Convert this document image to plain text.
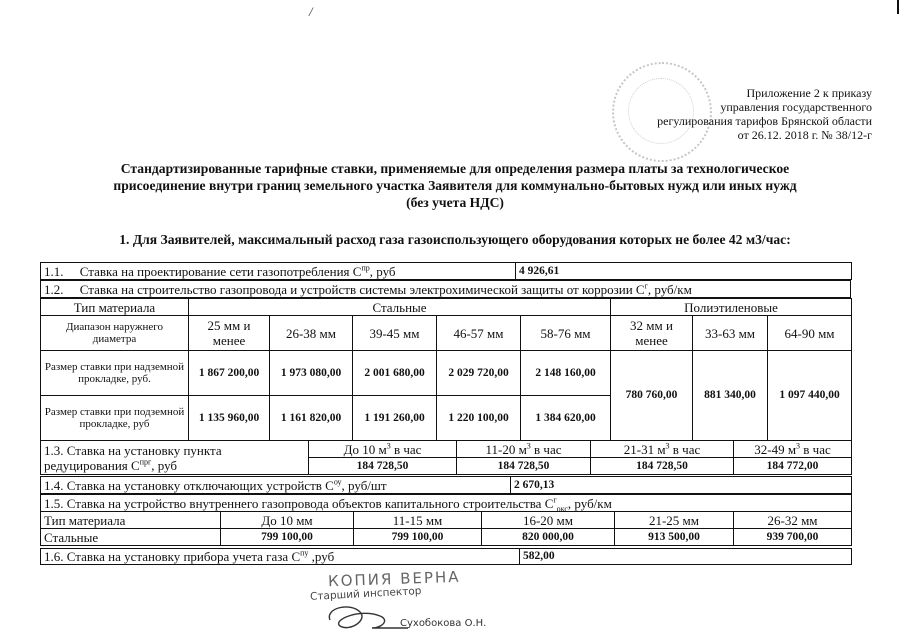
/
Приложение 2 к приказу
управления государственного
регулирования тарифов Брянской области
от 26.12. 2018 г. № 38/12-г
Стандартизированные тарифные ставки, применяемые для определения размера платы за технологическое
присоединение внутри границ земельного участка Заявителя для коммунально-бытовых нужд или иных нужд
(без учета НДС)
1. Для Заявителей, максимальный расход газа газоиспользующего оборудования которых не более 42 м3/час:
1.1. Ставка на проектирование сети газопотребления $С^{пр}$, руб	4 926,61
1.2. Ставка на строительство газопровода и устройств системы электрохимической защиты от коррозии $С^г$, руб/км
Тип материала	Стальные					Полиэтиленовые		
Диапазон наружнего диаметра	25 мм и менее	26-38 мм	39-45 мм	46-57 мм	58-76 мм	32 мм и менее	33-63 мм	64-90 мм
Размер ставки при надземной прокладке, руб.	1 867 200,00	1 973 080,00	2 001 680,00	2 029 720,00	2 148 160,00	780 760,00	881 340,00	1 097 440,00
Размер ставки при подземной прокладке, руб	1 135 960,00	1 161 820,00	1 191 260,00	1 220 100,00	1 384 620,00			
1.3. Ставка на установку пункта
редуцирования $С^{прг}$, руб	До 10 $м^3$ в час	11-20 $м^3$ в час	21-31 $м^3$ в час	32-49 $м^3$ в час
	184 728,50	184 728,50	184 728,50	184 772,00
1.4. Ставка на установку отключающих устройств $С^{оу}$, руб/шт	2 670,13
1.5. Ставка на устройство внутреннего газопровода объектов капитального строительства $С^г_{окс}$, руб/км					
Тип материала	До 10 мм	11-15 мм	16-20 мм	21-25 мм	26-32 мм
Стальные	799 100,00	799 100,00	820 000,00	913 500,00	939 700,00
1.6. Ставка на установку прибора учета газа $С^{пу}$ ,руб	582,00
КОПИЯ ВЕРНА
Старший инспектор
Сухобокова О.Н.
